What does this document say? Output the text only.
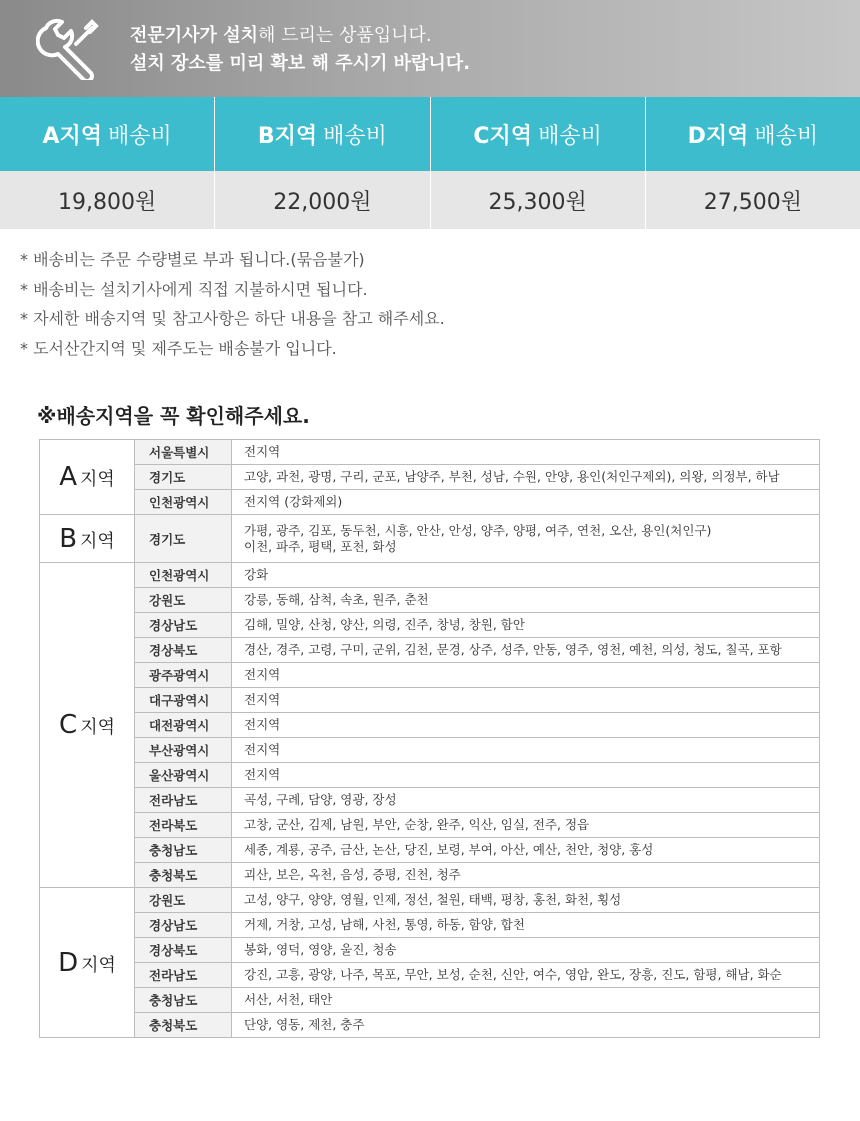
전문기사가 설치해 드리는 상품입니다.
설치 장소를 미리 확보 해 주시기 바랍니다.
A지역 배송비	B지역 배송비	C지역 배송비	D지역 배송비
19,800원	22,000원	25,300원	27,500원
* 배송비는 주문 수량별로 부과 됩니다.(묶음불가)
* 배송비는 설치기사에게 직접 지불하시면 됩니다.
* 자세한 배송지역 및 참고사항은 하단 내용을 참고 해주세요.
* 도서산간지역 및 제주도는 배송불가 입니다.
※배송지역을 꼭 확인해주세요.
A 지역	서울특별시	전지역

	경기도	고양, 과천, 광명, 구리, 군포, 남양주, 부천, 성남, 수원, 안양, 용인(처인구제외), 의왕, 의정부, 하남

	인천광역시	전지역 (강화제외)

B 지역	경기도	가평, 광주, 김포, 동두천, 시흥, 안산, 안성, 양주, 양평, 여주, 연천, 오산, 용인(처인구)
이천, 파주, 평택, 포천, 화성

C 지역	인천광역시	강화

	강원도	강릉, 동해, 삼척, 속초, 원주, 춘천

	경상남도	김해, 밀양, 산청, 양산, 의령, 진주, 창녕, 창원, 함안

	경상북도	경산, 경주, 고령, 구미, 군위, 김천, 문경, 상주, 성주, 안동, 영주, 영천, 예천, 의성, 청도, 칠곡, 포항

	광주광역시	전지역

	대구광역시	전지역

	대전광역시	전지역

	부산광역시	전지역

	울산광역시	전지역

	전라남도	곡성, 구례, 담양, 영광, 장성

	전라북도	고창, 군산, 김제, 남원, 부안, 순창, 완주, 익산, 임실, 전주, 정읍

	충청남도	세종, 계룡, 공주, 금산, 논산, 당진, 보령, 부여, 아산, 예산, 천안, 청양, 홍성

	충청북도	괴산, 보은, 옥천, 음성, 증평, 진천, 청주

D 지역	강원도	고성, 양구, 양양, 영월, 인제, 정선, 철원, 태백, 평창, 홍천, 화천, 횡성

	경상남도	거제, 거창, 고성, 남해, 사천, 통영, 하동, 함양, 합천

	경상북도	봉화, 영덕, 영양, 울진, 청송

	전라남도	강진, 고흥, 광양, 나주, 목포, 무안, 보성, 순천, 신안, 여수, 영암, 완도, 장흥, 진도, 함평, 해남, 화순

	충청남도	서산, 서천, 태안

	충청북도	단양, 영동, 제천, 충주
